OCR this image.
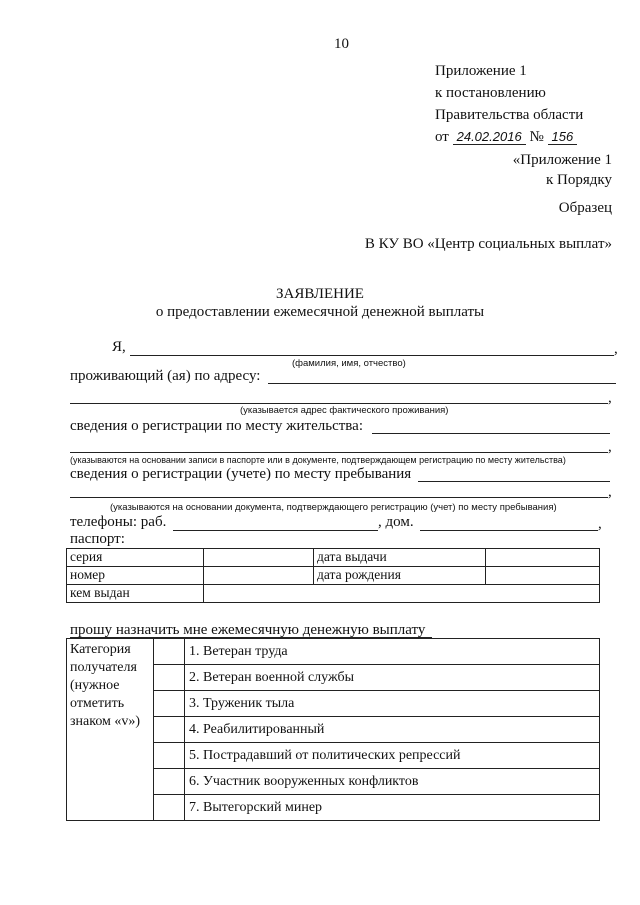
10
Приложение 1
к постановлению
Правительства области
от 24.02.2016 № 156
«Приложение 1
к Порядку
Образец
В КУ ВО «Центр социальных выплат»
ЗАЯВЛЕНИЕ
о предоставлении ежемесячной денежной выплаты
Я,	,
(фамилия, имя, отчество)
проживающий (ая) по адресу:
,
(указывается адрес фактического проживания)
сведения о регистрации по месту жительства:
,
(указываются на основании записи в паспорте или в документе, подтверждающем регистрацию по месту жительства)
сведения о регистрации (учете) по месту пребывания
,
(указываются на основании документа, подтверждающего регистрацию (учет) по месту пребывания)
телефоны: раб.	, дом.	,
паспорт:
серия		дата выдачи	
номер		дата рождения	
кем выдан			
прошу назначить мне ежемесячную денежную выплату
Категория
получателя
(нужное
отметить
знаком «v»)		1. Ветеран труда
		2. Ветеран военной службы
		3. Труженик тыла
		4. Реабилитированный
		5. Пострадавший от политических репрессий
		6. Участник вооруженных конфликтов
		7. Вытегорский минер
